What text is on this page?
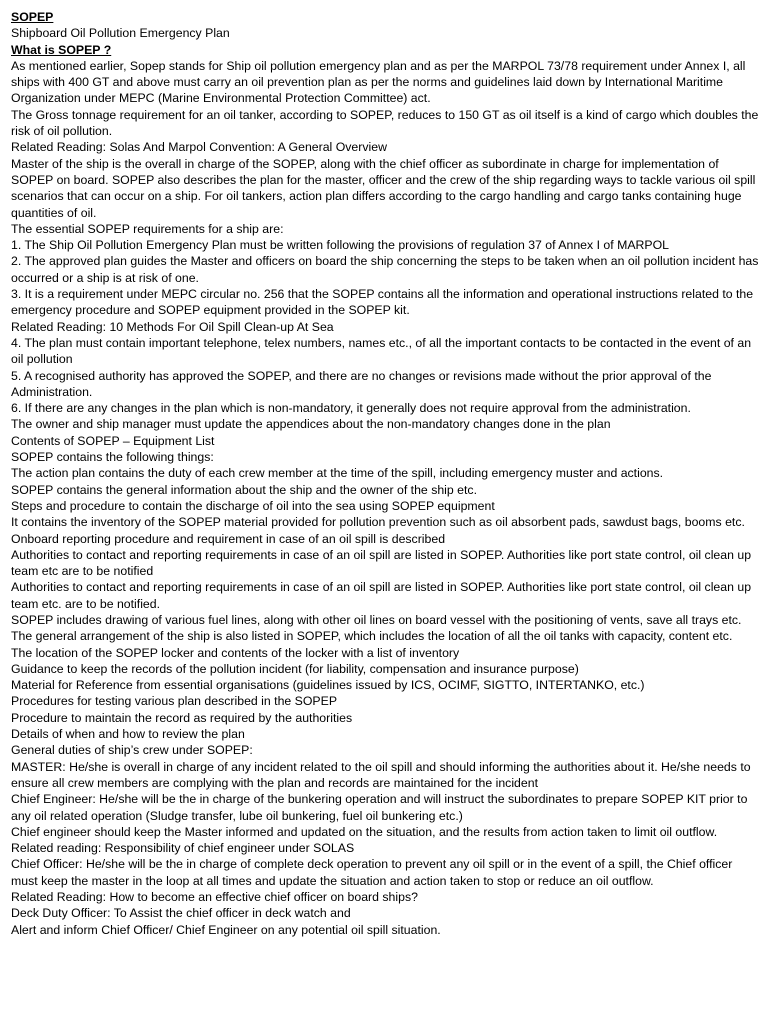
SOPEP

Shipboard Oil Pollution Emergency Plan

What is SOPEP ?

As mentioned earlier, Sopep stands for Ship oil pollution emergency plan and as per the MARPOL 73/78 requirement under Annex I, all ships with 400 GT and above must carry an oil prevention plan as per the norms and guidelines laid down by International Maritime Organization under MEPC (Marine Environmental Protection Committee) act.

The Gross tonnage requirement for an oil tanker, according to SOPEP, reduces to 150 GT as oil itself is a kind of cargo which doubles the risk of oil pollution.

Related Reading: Solas And Marpol Convention: A General Overview

Master of the ship is the overall in charge of the SOPEP, along with the chief officer as subordinate in charge for implementation of SOPEP on board. SOPEP also describes the plan for the master, officer and the crew of the ship regarding ways to tackle various oil spill scenarios that can occur on a ship. For oil tankers, action plan differs according to the cargo handling and cargo tanks containing huge quantities of oil.

The essential SOPEP requirements for a ship are:

1. The Ship Oil Pollution Emergency Plan must be written following the provisions of regulation 37 of Annex I of MARPOL

2. The approved plan guides the Master and officers on board the ship concerning the steps to be taken when an oil pollution incident has occurred or a ship is at risk of one.

3. It is a requirement under MEPC circular no. 256 that the SOPEP contains all the information and operational instructions related to the emergency procedure and SOPEP equipment provided in the SOPEP kit.

Related Reading: 10 Methods For Oil Spill Clean-up At Sea

4. The plan must contain important telephone, telex numbers, names etc., of all the important contacts to be contacted in the event of an oil pollution

5. A recognised authority has approved the SOPEP, and there are no changes or revisions made without the prior approval of the Administration.

6. If there are any changes in the plan which is non-mandatory, it generally does not require approval from the administration.

The owner and ship manager must update the appendices about the non-mandatory changes done in the plan

Contents of SOPEP – Equipment List

SOPEP contains the following things:

The action plan contains the duty of each crew member at the time of the spill, including emergency muster and actions.

SOPEP contains the general information about the ship and the owner of the ship etc.

Steps and procedure to contain the discharge of oil into the sea using SOPEP equipment

It contains the inventory of the SOPEP material provided for pollution prevention such as oil absorbent pads, sawdust bags, booms etc.

Onboard reporting procedure and requirement in case of an oil spill is described

Authorities to contact and reporting requirements in case of an oil spill are listed in SOPEP. Authorities like port state control, oil clean up team etc are to be notified

Authorities to contact and reporting requirements in case of an oil spill are listed in SOPEP. Authorities like port state control, oil clean up team etc. are to be notified.

SOPEP includes drawing of various fuel lines, along with other oil lines on board vessel with the positioning of vents, save all trays etc.

The general arrangement of the ship is also listed in SOPEP, which includes the location of all the oil tanks with capacity, content etc.

The location of the SOPEP locker and contents of the locker with a list of inventory

Guidance to keep the records of the pollution incident (for liability, compensation and insurance purpose)

Material for Reference from essential organisations (guidelines issued by ICS, OCIMF, SIGTTO, INTERTANKO, etc.)

Procedures for testing various plan described in the SOPEP

Procedure to maintain the record as required by the authorities

Details of when and how to review the plan

General duties of ship’s crew under SOPEP:

MASTER: He/she is overall in charge of any incident related to the oil spill and should informing the authorities about it. He/she needs to ensure all crew members are complying with the plan and records are maintained for the incident

Chief Engineer: He/she will be the in charge of the bunkering operation and will instruct the subordinates to prepare SOPEP KIT prior to any oil related operation (Sludge transfer, lube oil bunkering, fuel oil bunkering etc.)

Chief engineer should keep the Master informed and updated on the situation, and the results from action taken to limit oil outflow.

Related reading: Responsibility of chief engineer under SOLAS

Chief Officer: He/she will be the in charge of complete deck operation to prevent any oil spill or in the event of a spill, the Chief officer must keep the master in the loop at all times and update the situation and action taken to stop or reduce an oil outflow.

Related Reading: How to become an effective chief officer on board ships?

Deck Duty Officer: To Assist the chief officer in deck watch and

Alert and inform Chief Officer/ Chief Engineer on any potential oil spill situation.
